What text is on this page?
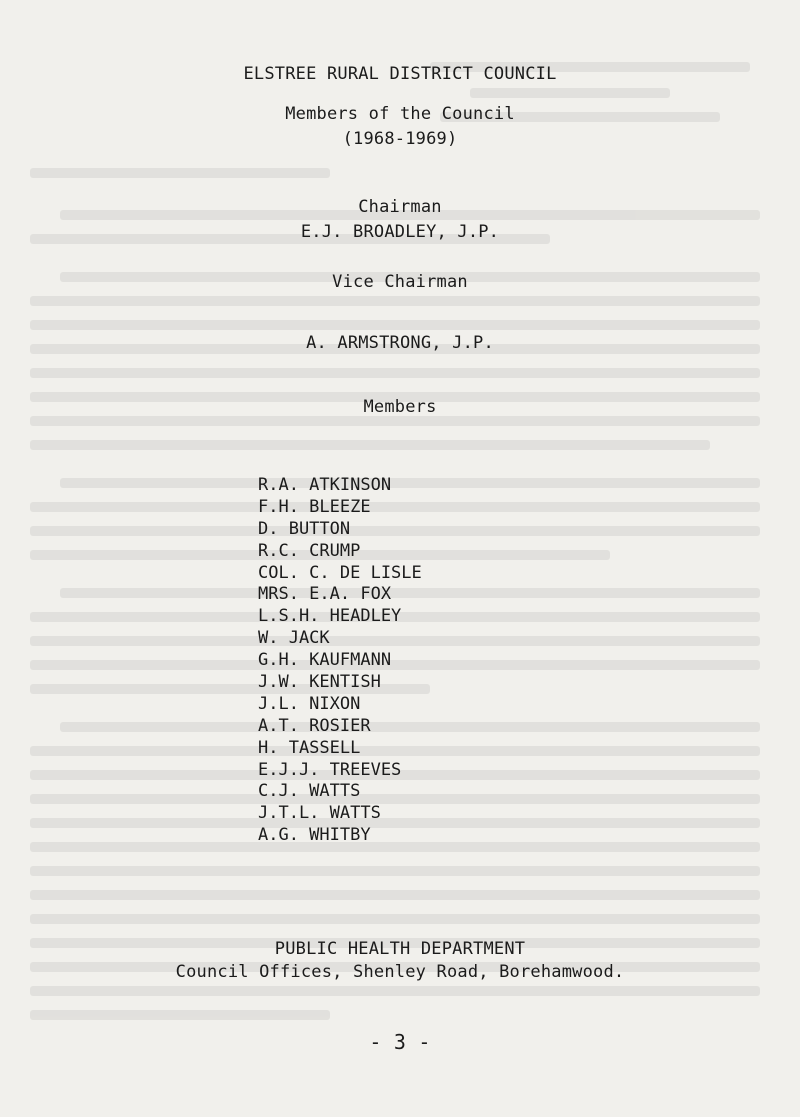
ELSTREE RURAL DISTRICT COUNCIL
Members of the Council
(1968-1969)
Chairman
E.J. BROADLEY, J.P.
Vice Chairman
A. ARMSTRONG, J.P.
Members
R.A. ATKINSON
F.H. BLEEZE
D. BUTTON
R.C. CRUMP
COL. C. DE LISLE
MRS. E.A. FOX
L.S.H. HEADLEY
W. JACK
G.H. KAUFMANN
J.W. KENTISH
J.L. NIXON
A.T. ROSIER
H. TASSELL
E.J.J. TREEVES
C.J. WATTS
J.T.L. WATTS
A.G. WHITBY
PUBLIC HEALTH DEPARTMENT
Council Offices, Shenley Road, Borehamwood.
- 3 -
